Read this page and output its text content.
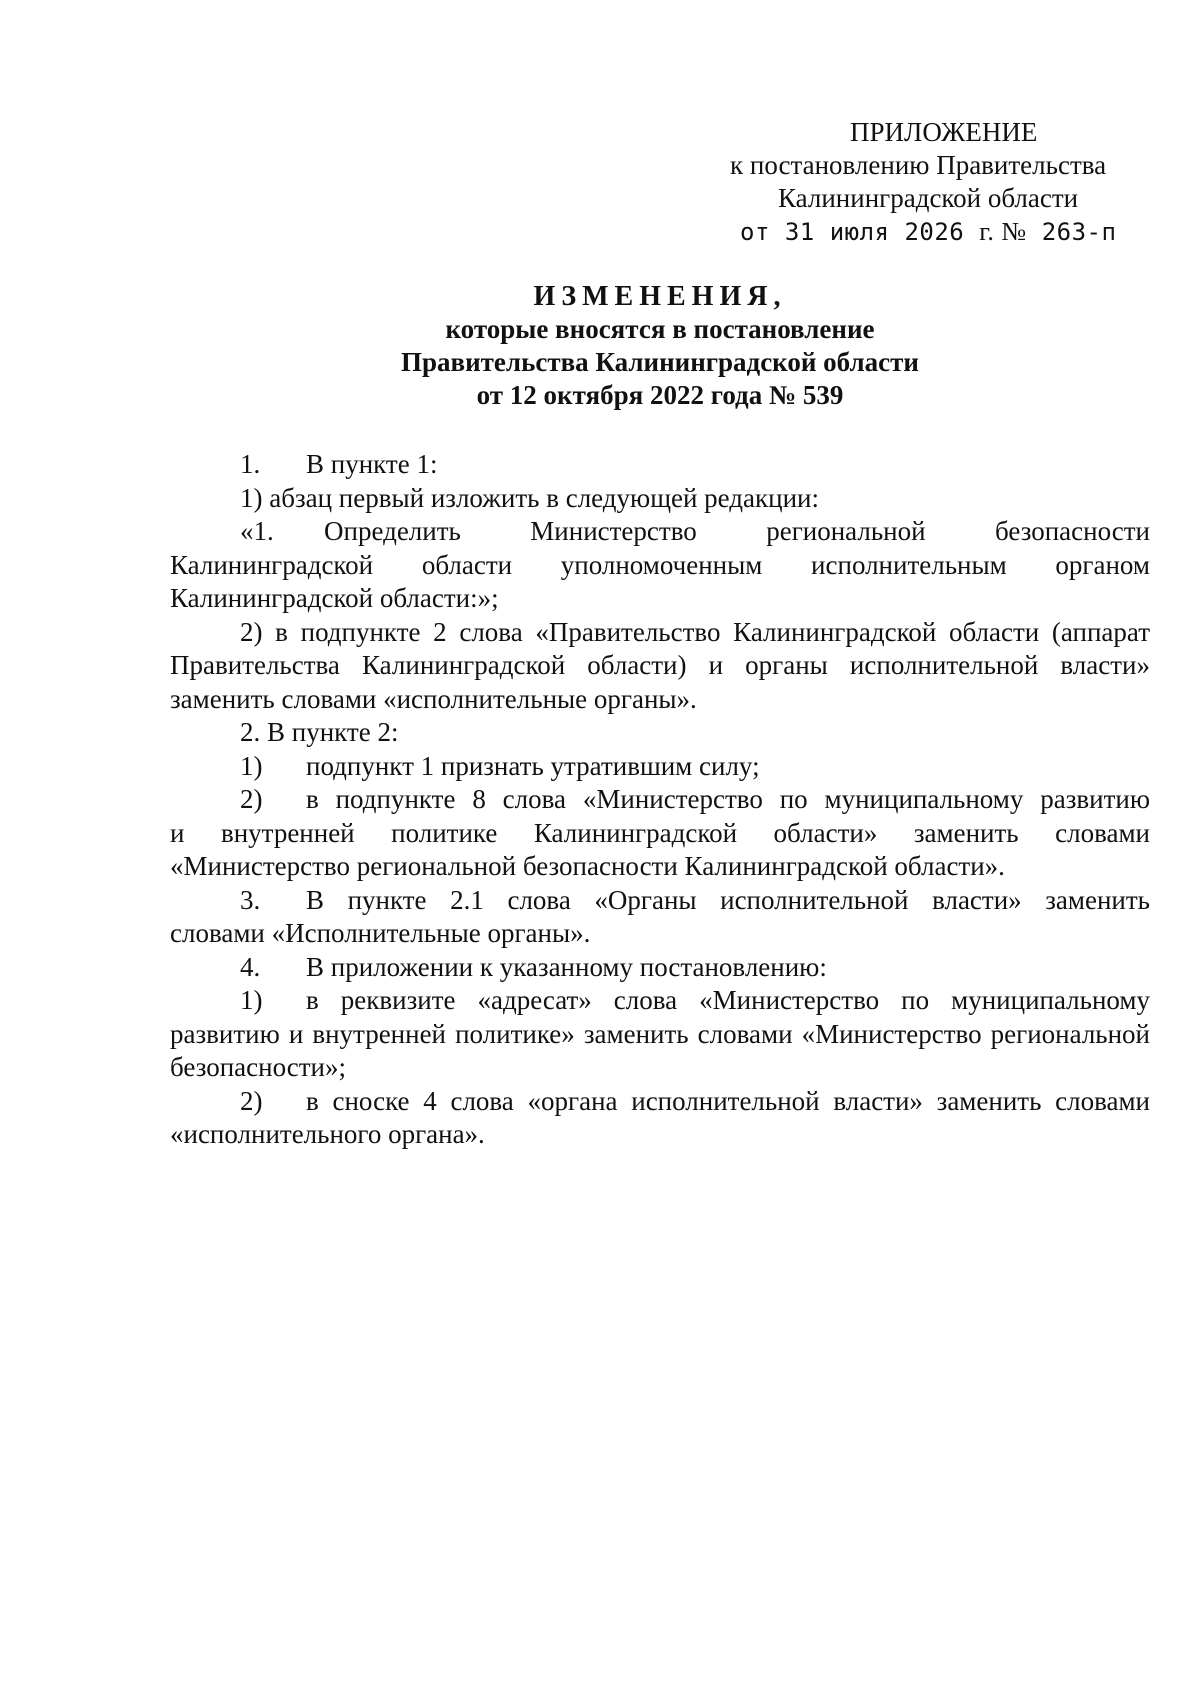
ПРИЛОЖЕНИЕ
к постановлению Правительства
Калининградской области
от 31 июля 2026 г. № 263-п
ИЗМЕНЕНИЯ,
которые вносятся в постановление
Правительства Калининградской области
от 12 октября 2022 года № 539
1.	В пункте 1:
1) абзац первый изложить в следующей редакции:
«1.	Определить Министерство региональной безопасности
Калининградской области уполномоченным исполнительным органом
Калининградской области:»;
2) в подпункте 2 слова «Правительство Калининградской области (аппарат Правительства Калининградской области) и органы исполнительной власти» заменить словами «исполнительные органы».
2. В пункте 2:
1)	подпункт 1 признать утратившим силу;
2)	в подпункте 8 слова «Министерство по муниципальному развитию
и внутренней политике Калининградской области» заменить словами «Министерство региональной безопасности Калининградской области».
3.	В пункте 2.1 слова «Органы исполнительной власти» заменить
словами «Исполнительные органы».
4.	В приложении к указанному постановлению:
1)	в реквизите «адресат» слова «Министерство по муниципальному
развитию и внутренней политике» заменить словами «Министерство региональной безопасности»;
2)	в сноске 4 слова «органа исполнительной власти» заменить словами
«исполнительного органа».
